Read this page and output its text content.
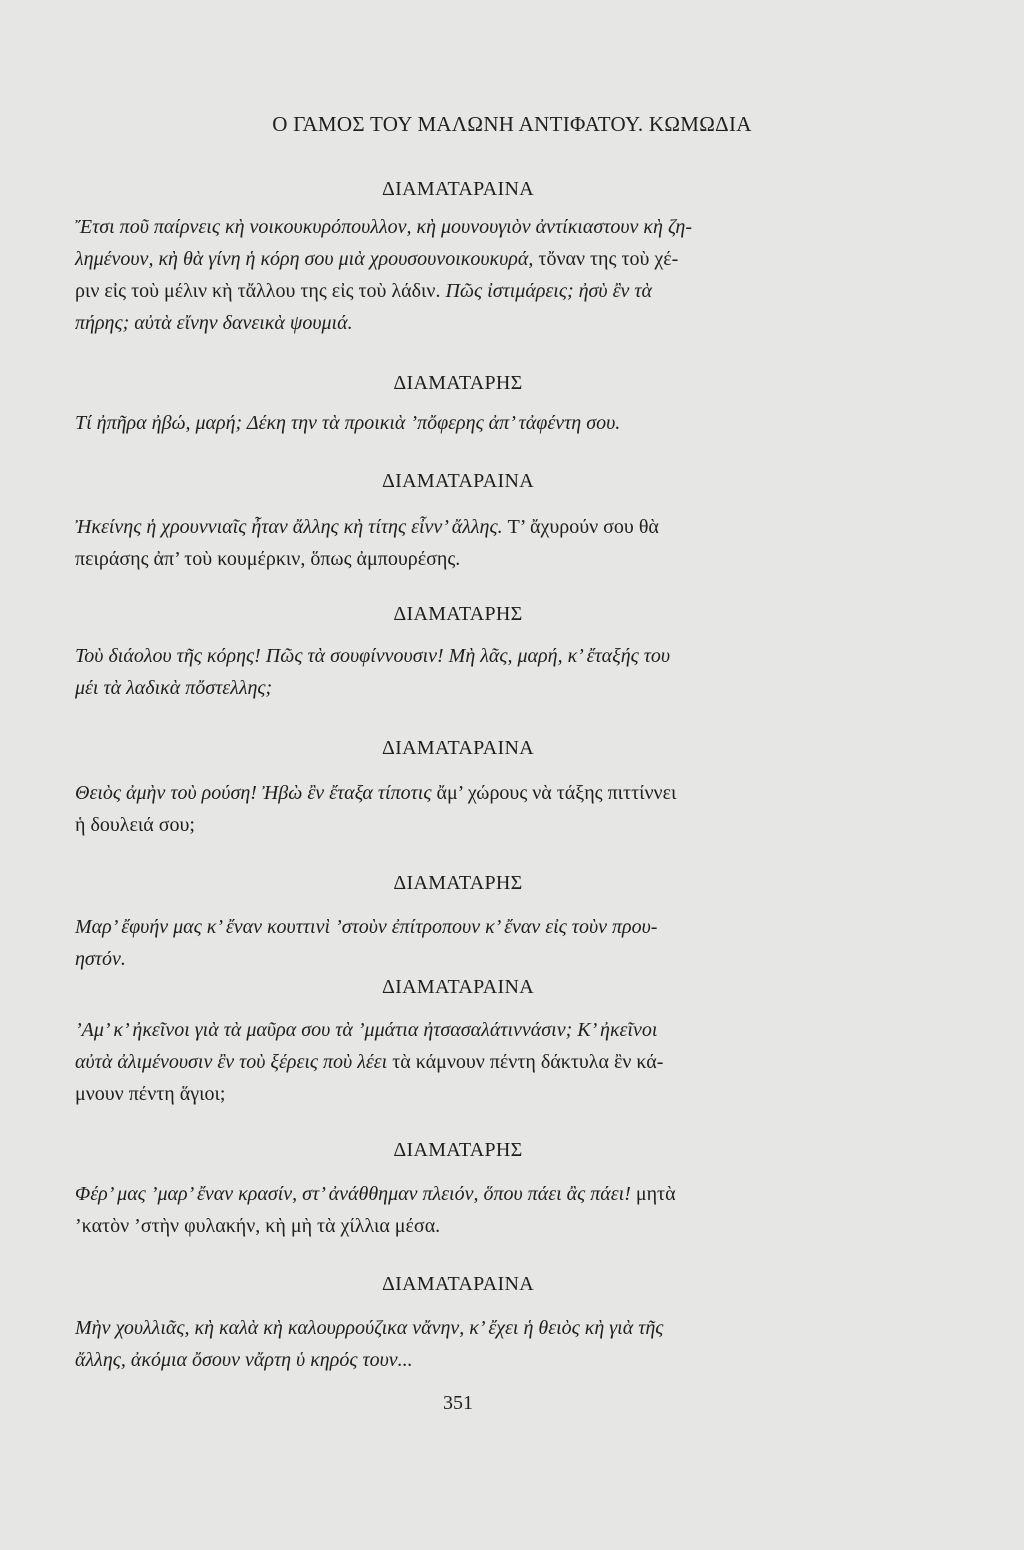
Ο ΓΑΜΟΣ ΤΟΥ ΜΑΛΩΝΗ ΑΝΤΙΦΑΤΟΥ. ΚΩΜΩΔΙΑ
ΔΙΑΜΑΤΑΡΑΙΝΑ
Ἔτσι ποῦ παίρνεις κὴ νοικουκυρόπουλλον, κὴ μουνουγιὸν ἀντίκιαστουν κὴ ζη-
λημένουν, κὴ θὰ γίνη ἡ κόρη σου μιὰ χρουσουνοικουκυρά, τὄναν της τοὺ χέ-
ριν εἰς τοὺ μέλιν κὴ τἄλλου της εἰς τοὺ λάδιν. Πῶς ἰστιμάρεις; ἠσὺ ἒν τὰ
πήρης; αὐτὰ εἴνην δανεικὰ ψουμιά.
ΔΙΑΜΑΤΑΡΗΣ
Τί ἠπῆρα ἠβώ, μαρή; Δέκη την τὰ προικιὰ ’πὄφερης ἀπ’ τἀφέντη σου.
ΔΙΑΜΑΤΑΡΑΙΝΑ
Ἠκείνης ἡ χρουννιαῖς ἦταν ἄλλης κὴ τίτης εἶνν’ ἄλλης. Τ’ ἄχυρούν σου θὰ
πειράσης ἀπ’ τοὺ κουμέρκιν, ὅπως ἀμπουρέσης.
ΔΙΑΜΑΤΑΡΗΣ
Τοὺ διάολου τῆς κόρης! Πῶς τὰ σουφίννουσιν! Μὴ λᾶς, μαρή, κ’ ἔταξής του
μέι τὰ λαδικὰ πὄστελλης;
ΔΙΑΜΑΤΑΡΑΙΝΑ
Θειὸς ἀμὴν τοὺ ρούση! Ἠβὼ ἒν ἔταξα τίποτις ἄμ’ χώρους νὰ τάξης πιττίννει
ἡ δουλειά σου;
ΔΙΑΜΑΤΑΡΗΣ
Μαρ’ ἔφυήν μας κ’ ἔναν κουττινὶ ’στοὺν ἐπίτροπουν κ’ ἔναν εἰς τοὺν πρου-
ηστόν.
ΔΙΑΜΑΤΑΡΑΙΝΑ
’Αμ’ κ’ ἠκεῖνοι γιὰ τὰ μαῦρα σου τὰ ’μμάτια ἠτσασαλάτιννάσιν; Κ’ ἠκεῖνοι
αὐτὰ ἀλιμένουσιν ἒν τοὺ ξέρεις ποὺ λέει τὰ κάμνουν πέντη δάκτυλα ἒν κά-
μνουν πέντη ἅγιοι;
ΔΙΑΜΑΤΑΡΗΣ
Φέρ’ μας ’μαρ’ ἔναν κρασίν, στ’ ἀνάθθημαν πλειόν, ὅπου πάει ἂς πάει! μητὰ
’κατὸν ’στὴν φυλακήν, κὴ μὴ τὰ χίλλια μέσα.
ΔΙΑΜΑΤΑΡΑΙΝΑ
Μὴν χουλλιᾶς, κὴ καλὰ κὴ καλουρρούζικα νἄνην, κ’ ἔχει ἡ θειὸς κὴ γιὰ τῆς
ἄλλης, ἀκόμια ὄσουν νἄρτη ὑ κηρός τουν...
351
